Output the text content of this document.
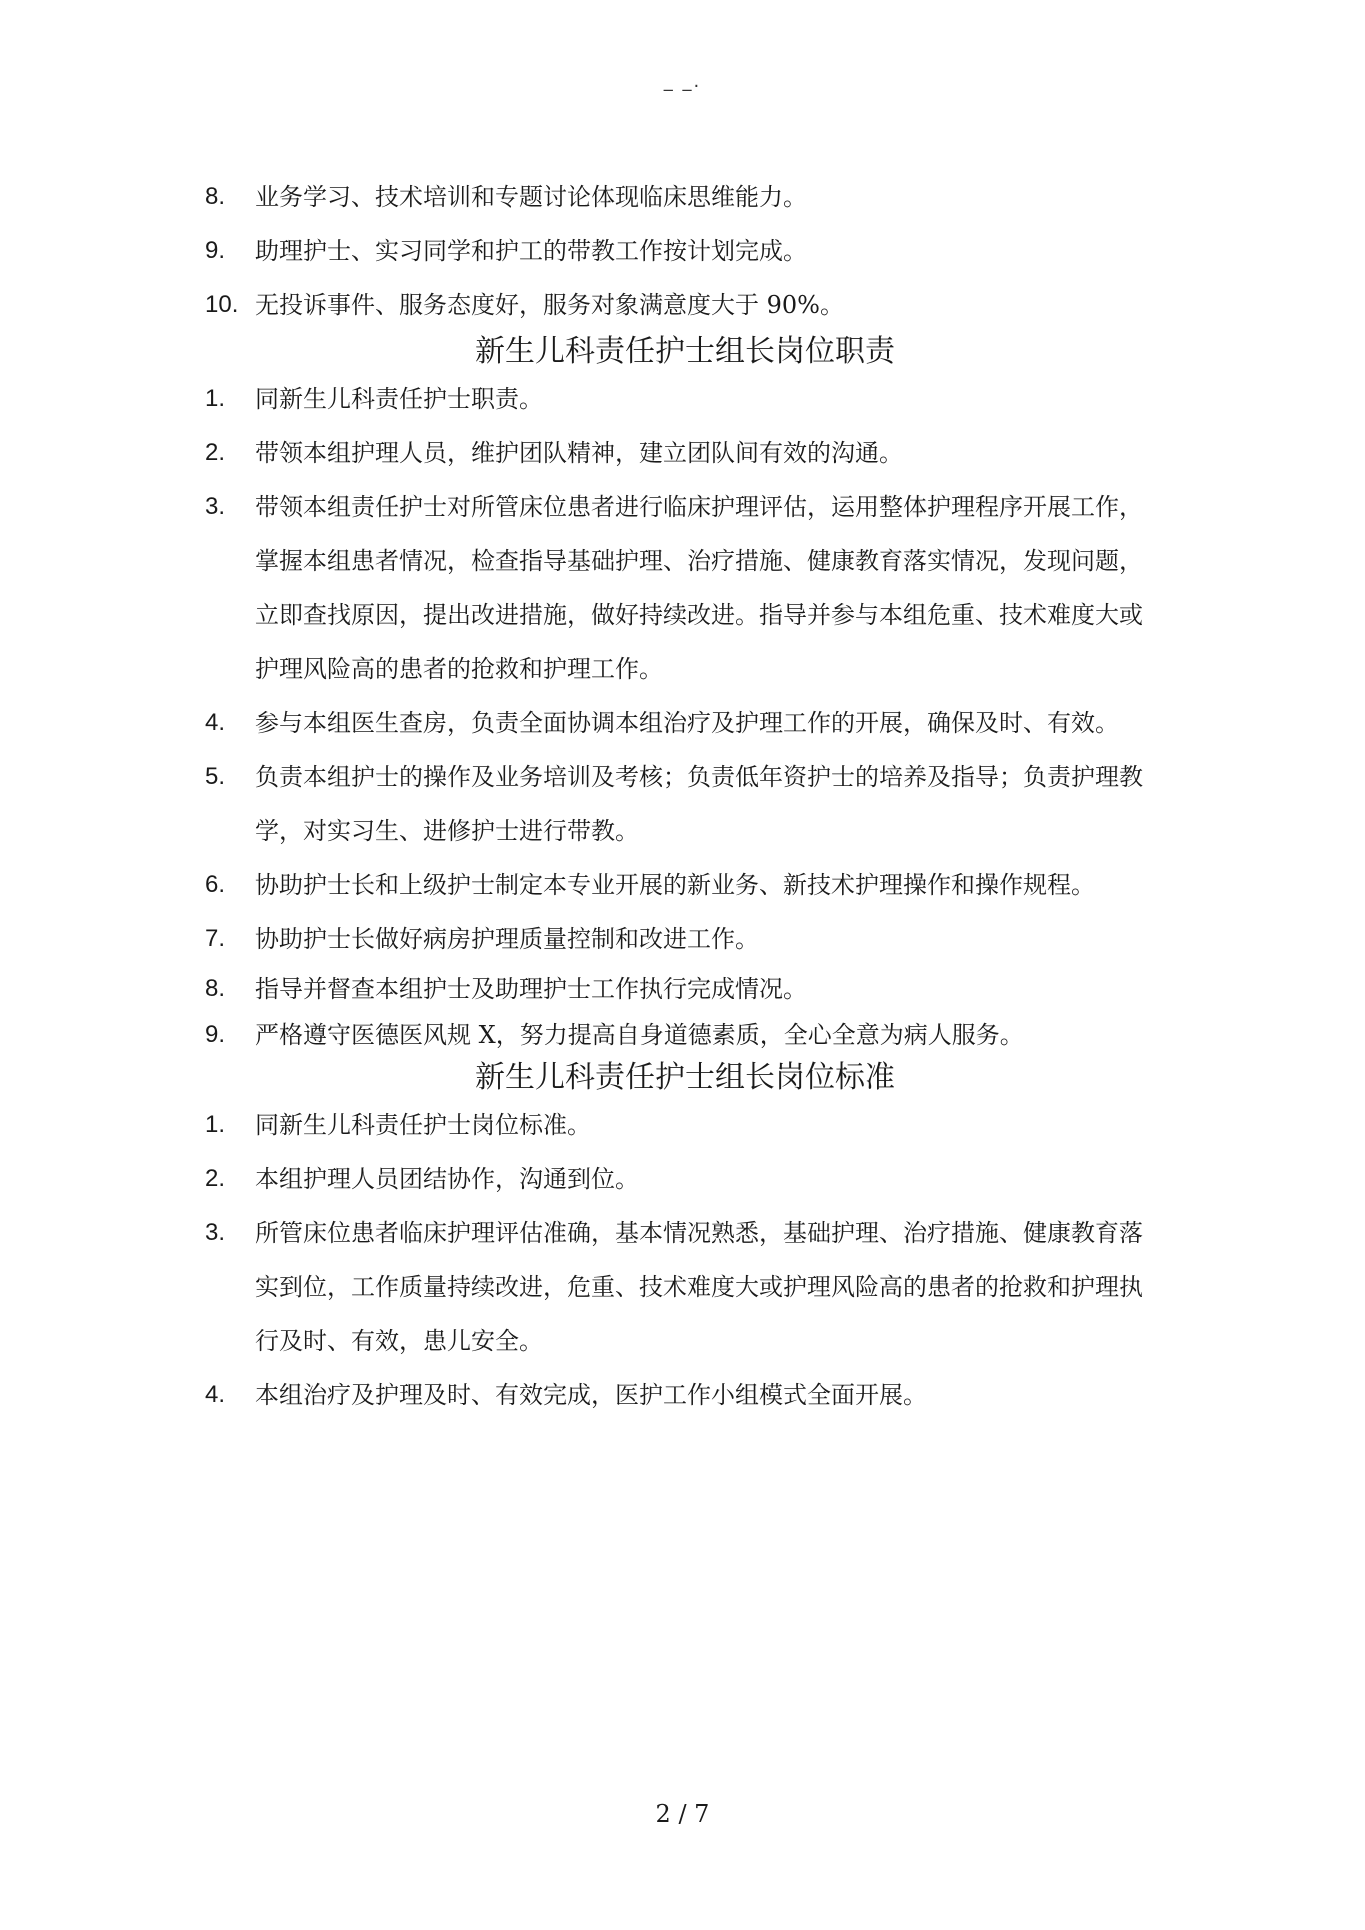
_ _.
8. 业务学习、技术培训和专题讨论体现临床思维能力。
9. 助理护士、实习同学和护工的带教工作按计划完成。
10. 无投诉事件、服务态度好，服务对象满意度大于 90%。
新生儿科责任护士组长岗位职责
1. 同新生儿科责任护士职责。
2. 带领本组护理人员，维护团队精神，建立团队间有效的沟通。
3. 带领本组责任护士对所管床位患者进行临床护理评估，运用整体护理程序开展工作，掌握本组患者情况，检查指导基础护理、治疗措施、健康教育落实情况，发现问题，立即查找原因，提出改进措施，做好持续改进。指导并参与本组危重、技术难度大或护理风险高的患者的抢救和护理工作。
4. 参与本组医生查房，负责全面协调本组治疗及护理工作的开展，确保及时、有效。
5. 负责本组护士的操作及业务培训及考核；负责低年资护士的培养及指导；负责护理教学，对实习生、进修护士进行带教。
6. 协助护士长和上级护士制定本专业开展的新业务、新技术护理操作和操作规程。
7. 协助护士长做好病房护理质量控制和改进工作。
8. 指导并督查本组护士及助理护士工作执行完成情况。
9. 严格遵守医德医风规 X，努力提高自身道德素质，全心全意为病人服务。
新生儿科责任护士组长岗位标准
1. 同新生儿科责任护士岗位标准。
2. 本组护理人员团结协作，沟通到位。
3. 所管床位患者临床护理评估准确，基本情况熟悉，基础护理、治疗措施、健康教育落实到位，工作质量持续改进，危重、技术难度大或护理风险高的患者的抢救和护理执行及时、有效，患儿安全。
4. 本组治疗及护理及时、有效完成，医护工作小组模式全面开展。
2 / 7
